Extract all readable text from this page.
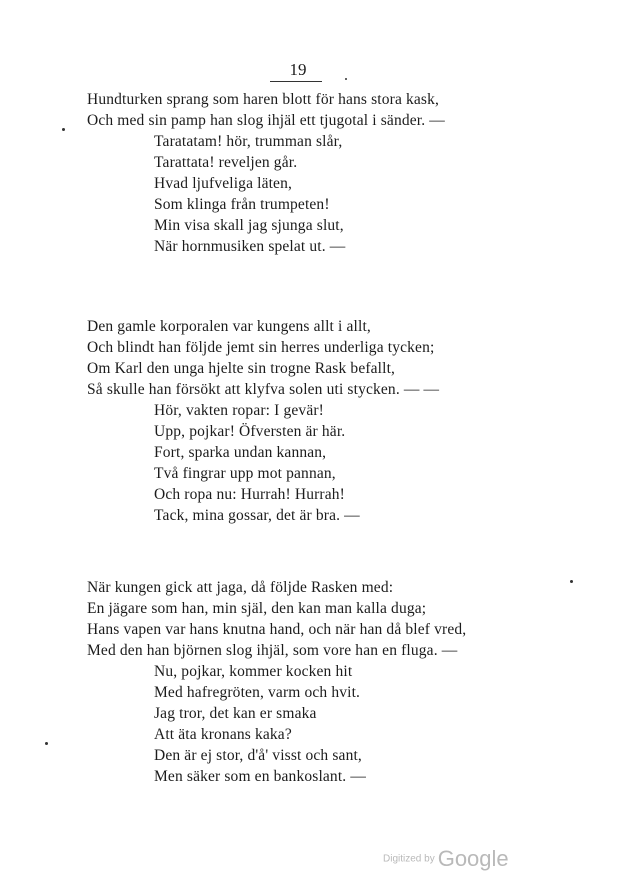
19
Hundturken sprang som haren blott för hans stora kask,
Och med sin pamp han slog ihjäl ett tjugotal i sänder. —
Taratatam! hör, trumman slår,
Tarattata! reveljen går.
Hvad ljufveliga läten,
Som klinga från trumpeten!
Min visa skall jag sjunga slut,
När hornmusiken spelat ut. —
Den gamle korporalen var kungens allt i allt,
Och blindt han följde jemt sin herres underliga tycken;
Om Karl den unga hjelte sin trogne Rask befallt,
Så skulle han försökt att klyfva solen uti stycken. — —
Hör, vakten ropar: I gevär!
Upp, pojkar! Öfversten är här.
Fort, sparka undan kannan,
Två fingrar upp mot pannan,
Och ropa nu: Hurrah! Hurrah!
Tack, mina gossar, det är bra. —
När kungen gick att jaga, då följde Rasken med:
En jägare som han, min själ, den kan man kalla duga;
Hans vapen var hans knutna hand, och när han då blef vred,
Med den han björnen slog ihjäl, som vore han en fluga. —
Nu, pojkar, kommer kocken hit
Med hafregröten, varm och hvit.
Jag tror, det kan er smaka
Att äta kronans kaka?
Den är ej stor, d'å' visst och sant,
Men säker som en bankoslant. —
Digitized by Google
